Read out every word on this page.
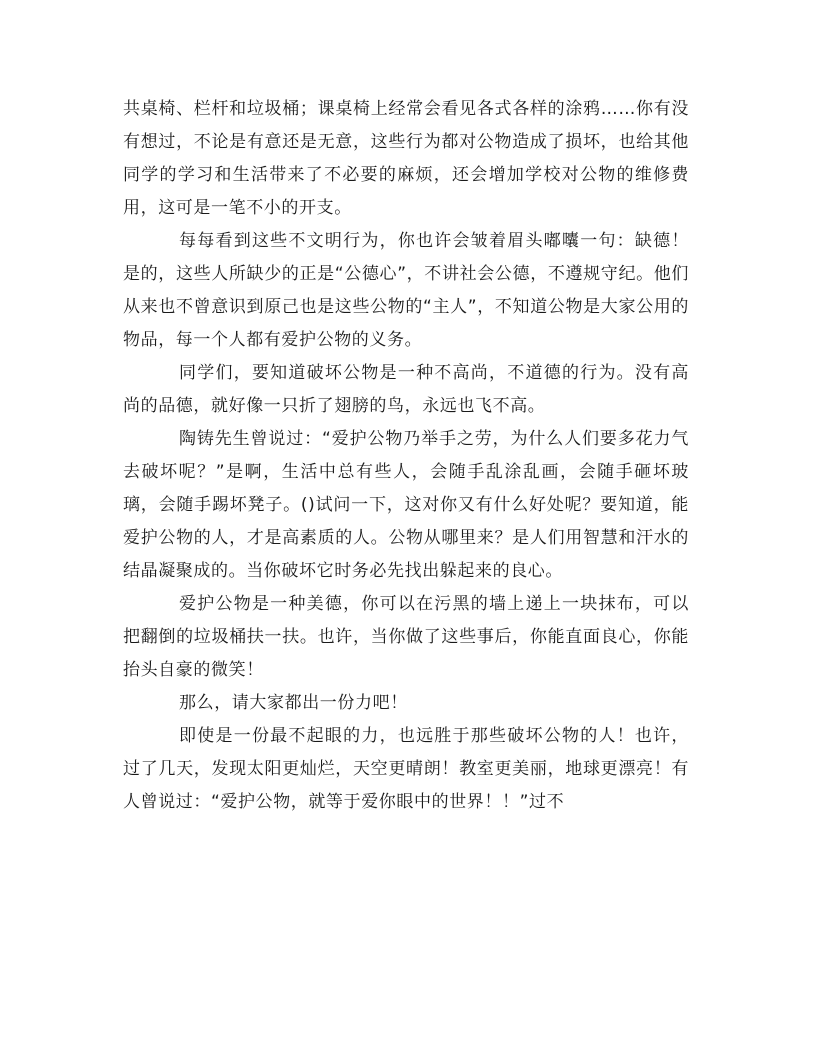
共桌椅、栏杆和垃圾桶；课桌椅上经常会看见各式各样的涂鸦……你有没有想过，不论是有意还是无意，这些行为都对公物造成了损坏，也给其他同学的学习和生活带来了不必要的麻烦，还会增加学校对公物的维修费用，这可是一笔不小的开支。

每每看到这些不文明行为，你也许会皱着眉头嘟囔一句：缺德！是的，这些人所缺少的正是“公德心”，不讲社会公德，不遵规守纪。他们从来也不曾意识到原己也是这些公物的“主人”，不知道公物是大家公用的物品，每一个人都有爱护公物的义务。

同学们，要知道破坏公物是一种不高尚，不道德的行为。没有高尚的品德，就好像一只折了翅膀的鸟，永远也飞不高。

陶铸先生曾说过：“爱护公物乃举手之劳，为什么人们要多花力气去破坏呢？”是啊，生活中总有些人，会随手乱涂乱画，会随手砸坏玻璃，会随手踢坏凳子。()试问一下，这对你又有什么好处呢？要知道，能爱护公物的人，才是高素质的人。公物从哪里来？是人们用智慧和汗水的结晶凝聚成的。当你破坏它时务必先找出躲起来的良心。

爱护公物是一种美德，你可以在污黑的墙上递上一块抹布，可以把翻倒的垃圾桶扶一扶。也许，当你做了这些事后，你能直面良心，你能抬头自豪的微笑！

那么，请大家都出一份力吧！

即使是一份最不起眼的力，也远胜于那些破坏公物的人！也许，过了几天，发现太阳更灿烂，天空更晴朗！教室更美丽，地球更漂亮！有人曾说过：“爱护公物，就等于爱你眼中的世界！！”过不
